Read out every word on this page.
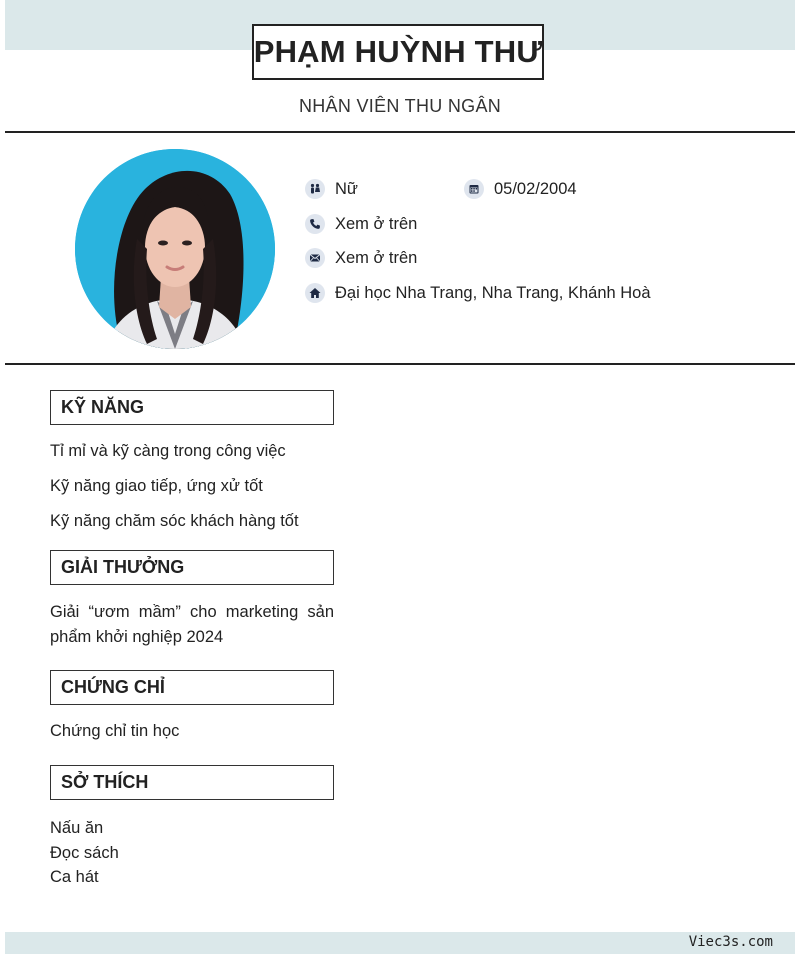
PHẠM HUỲNH THƯ
NHÂN VIÊN THU NGÂN
Nữ	05/02/2004
Xem ở trên
Xem ở trên
Đại học Nha Trang, Nha Trang, Khánh Hoà
KỸ NĂNG
Tỉ mỉ và kỹ càng trong công việc
Kỹ năng giao tiếp, ứng xử tốt
Kỹ năng chăm sóc khách hàng tốt
GIẢI THƯỞNG
Giải “ươm mầm” cho marketing sản phẩm khởi nghiệp 2024
CHỨNG CHỈ
Chứng chỉ tin học
SỞ THÍCH
Nấu ăn
Đọc sách
Ca hát
Viec3s.com
